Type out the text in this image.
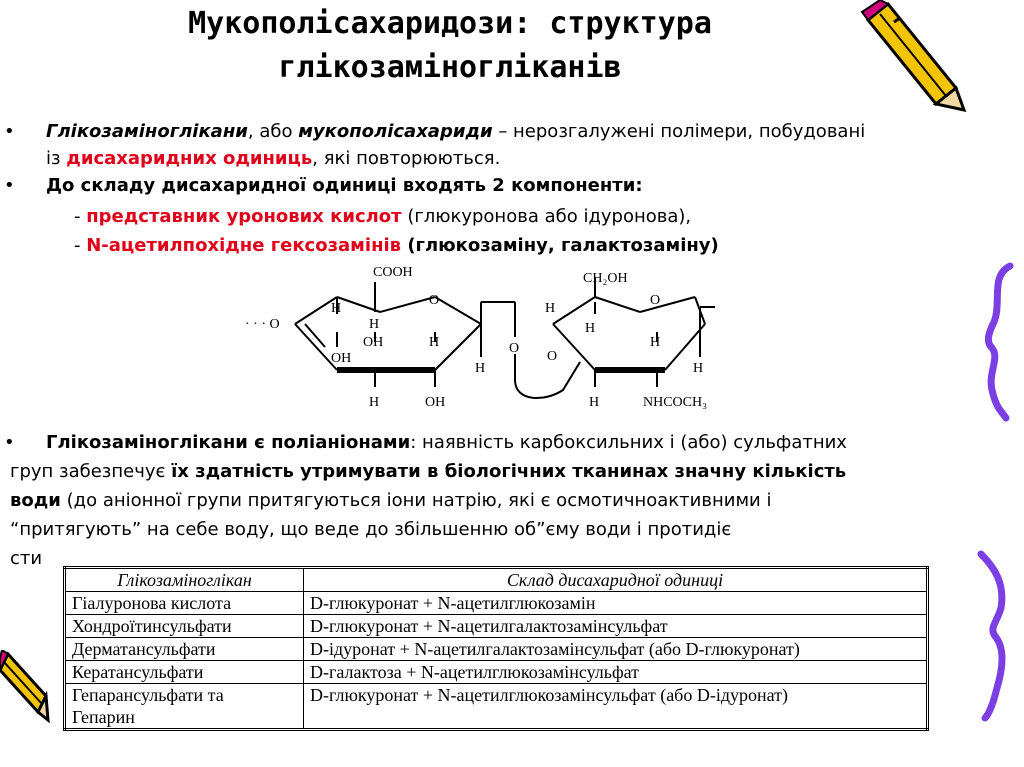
Мукополісахаридози: структура
глікозаміногліканів
• Глікозаміноглікани, або мукополісахариди – нерозгалужені полімери, побудовані
із дисахаридних одиниць, які повторюються.
• До складу дисахаридної одиниці входять 2 компоненти:
- представник уронових кислот (глюкуронова або ідуронова),
- N-ацетилпохідне гексозамінів (глюкозаміну, галактозаміну)
· · · O
COOH
H
H
O
OH
OH
H
H
H	OH
O
CH₂OH
H
H
O
O
H
H
H	NHCOCH₃
• Глікозаміноглікани є поліаніонами: наявність карбоксильних і (або) сульфатних
груп забезпечує їх здатність утримувати в біологічних тканинах значну кількість
води (до аніонної групи притягуються іони натрію, які є осмотичноактивними і
“притягують” на себе воду, що веде до збільшенню об”єму води і протидіє
сти
Глікозаміноглікан	Склад дисахаридної одиниці
Гіалуронова кислота	D-глюкуронат + N-ацетилглюкозамін
Хондроїтинсульфати	D-глюкуронат + N-ацетилгалактозамінсульфат
Дерматансульфати	D-ідуронат + N-ацетилгалактозамінсульфат (або D-глюкуронат)
Кератансульфати	D-галактоза + N-ацетилглюкозамінсульфат
Гепарансульфати та
Гепарин	D-глюкуронат + N-ацетилглюкозамінсульфат (або D-ідуронат)
